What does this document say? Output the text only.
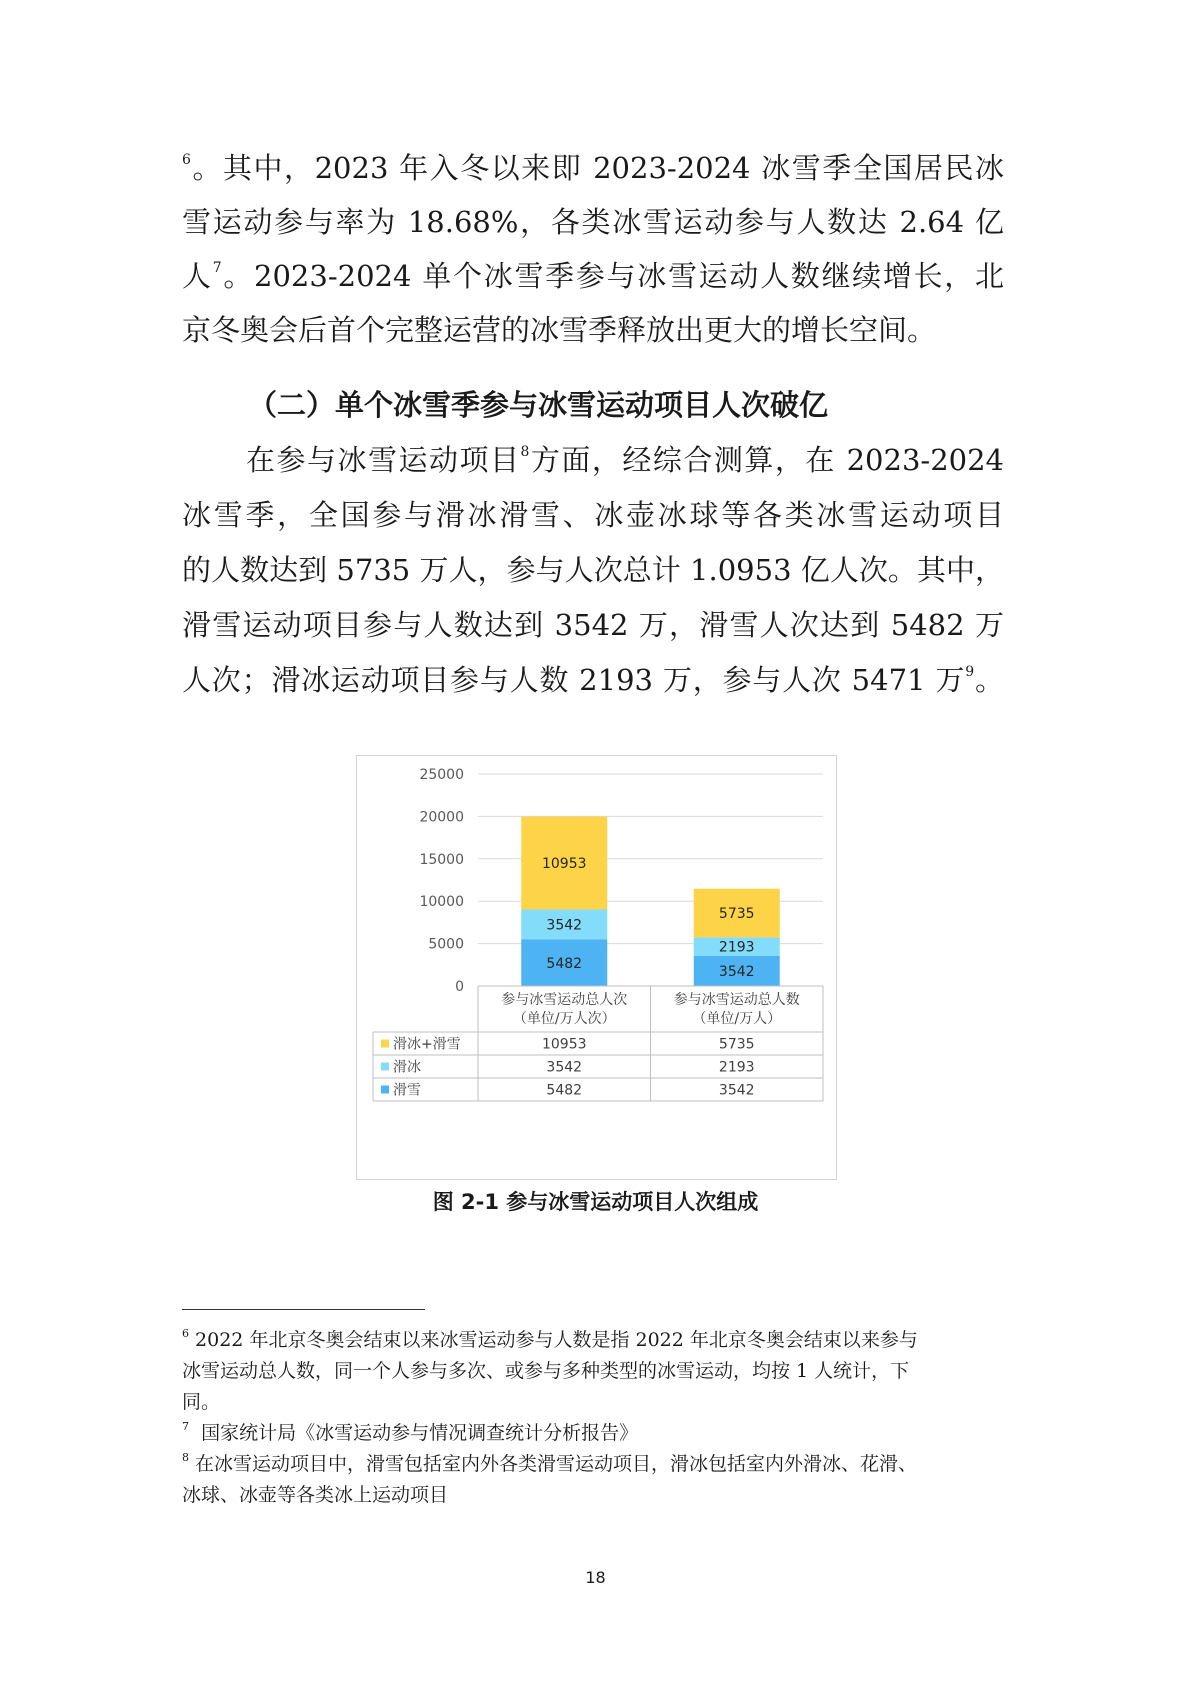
$^6$。其中，2023 年入冬以来即 2023-2024 冰雪季全国居民冰
雪运动参与率为 18.68%，各类冰雪运动参与人数达 2.64 亿
人$^7$。2023-2024 单个冰雪季参与冰雪运动人数继续增长，北
京冬奥会后首个完整运营的冰雪季释放出更大的增长空间。
（二）单个冰雪季参与冰雪运动项目人次破亿
在参与冰雪运动项目$^8$方面，经综合测算，在 2023-2024
冰雪季，全国参与滑冰滑雪、冰壶冰球等各类冰雪运动项目
的人数达到 5735 万人，参与人次总计 1.0953 亿人次。其中，
滑雪运动项目参与人数达到 3542 万，滑雪人次达到 5482 万
人次；滑冰运动项目参与人数 2193 万，参与人次 5471 万$^9$。
0
5000
10000
15000
20000
25000
5482
3542
10953
3542
2193
5735
参与冰雪运动总人次
（单位/万人次）
参与冰雪运动总人数
（单位/万人）
滑冰+滑雪	10953	5735
滑冰	3542	2193
滑雪	5482	3542
图 2-1 参与冰雪运动项目人次组成
$^6$ 2022 年北京冬奥会结束以来冰雪运动参与人数是指 2022 年北京冬奥会结束以来参与
冰雪运动总人数，同一个人参与多次、或参与多种类型的冰雪运动，均按 1 人统计，下
同。
$^7$ 国家统计局《冰雪运动参与情况调查统计分析报告》
$^8$ 在冰雪运动项目中，滑雪包括室内外各类滑雪运动项目，滑冰包括室内外滑冰、花滑、
冰球、冰壶等各类冰上运动项目
18
